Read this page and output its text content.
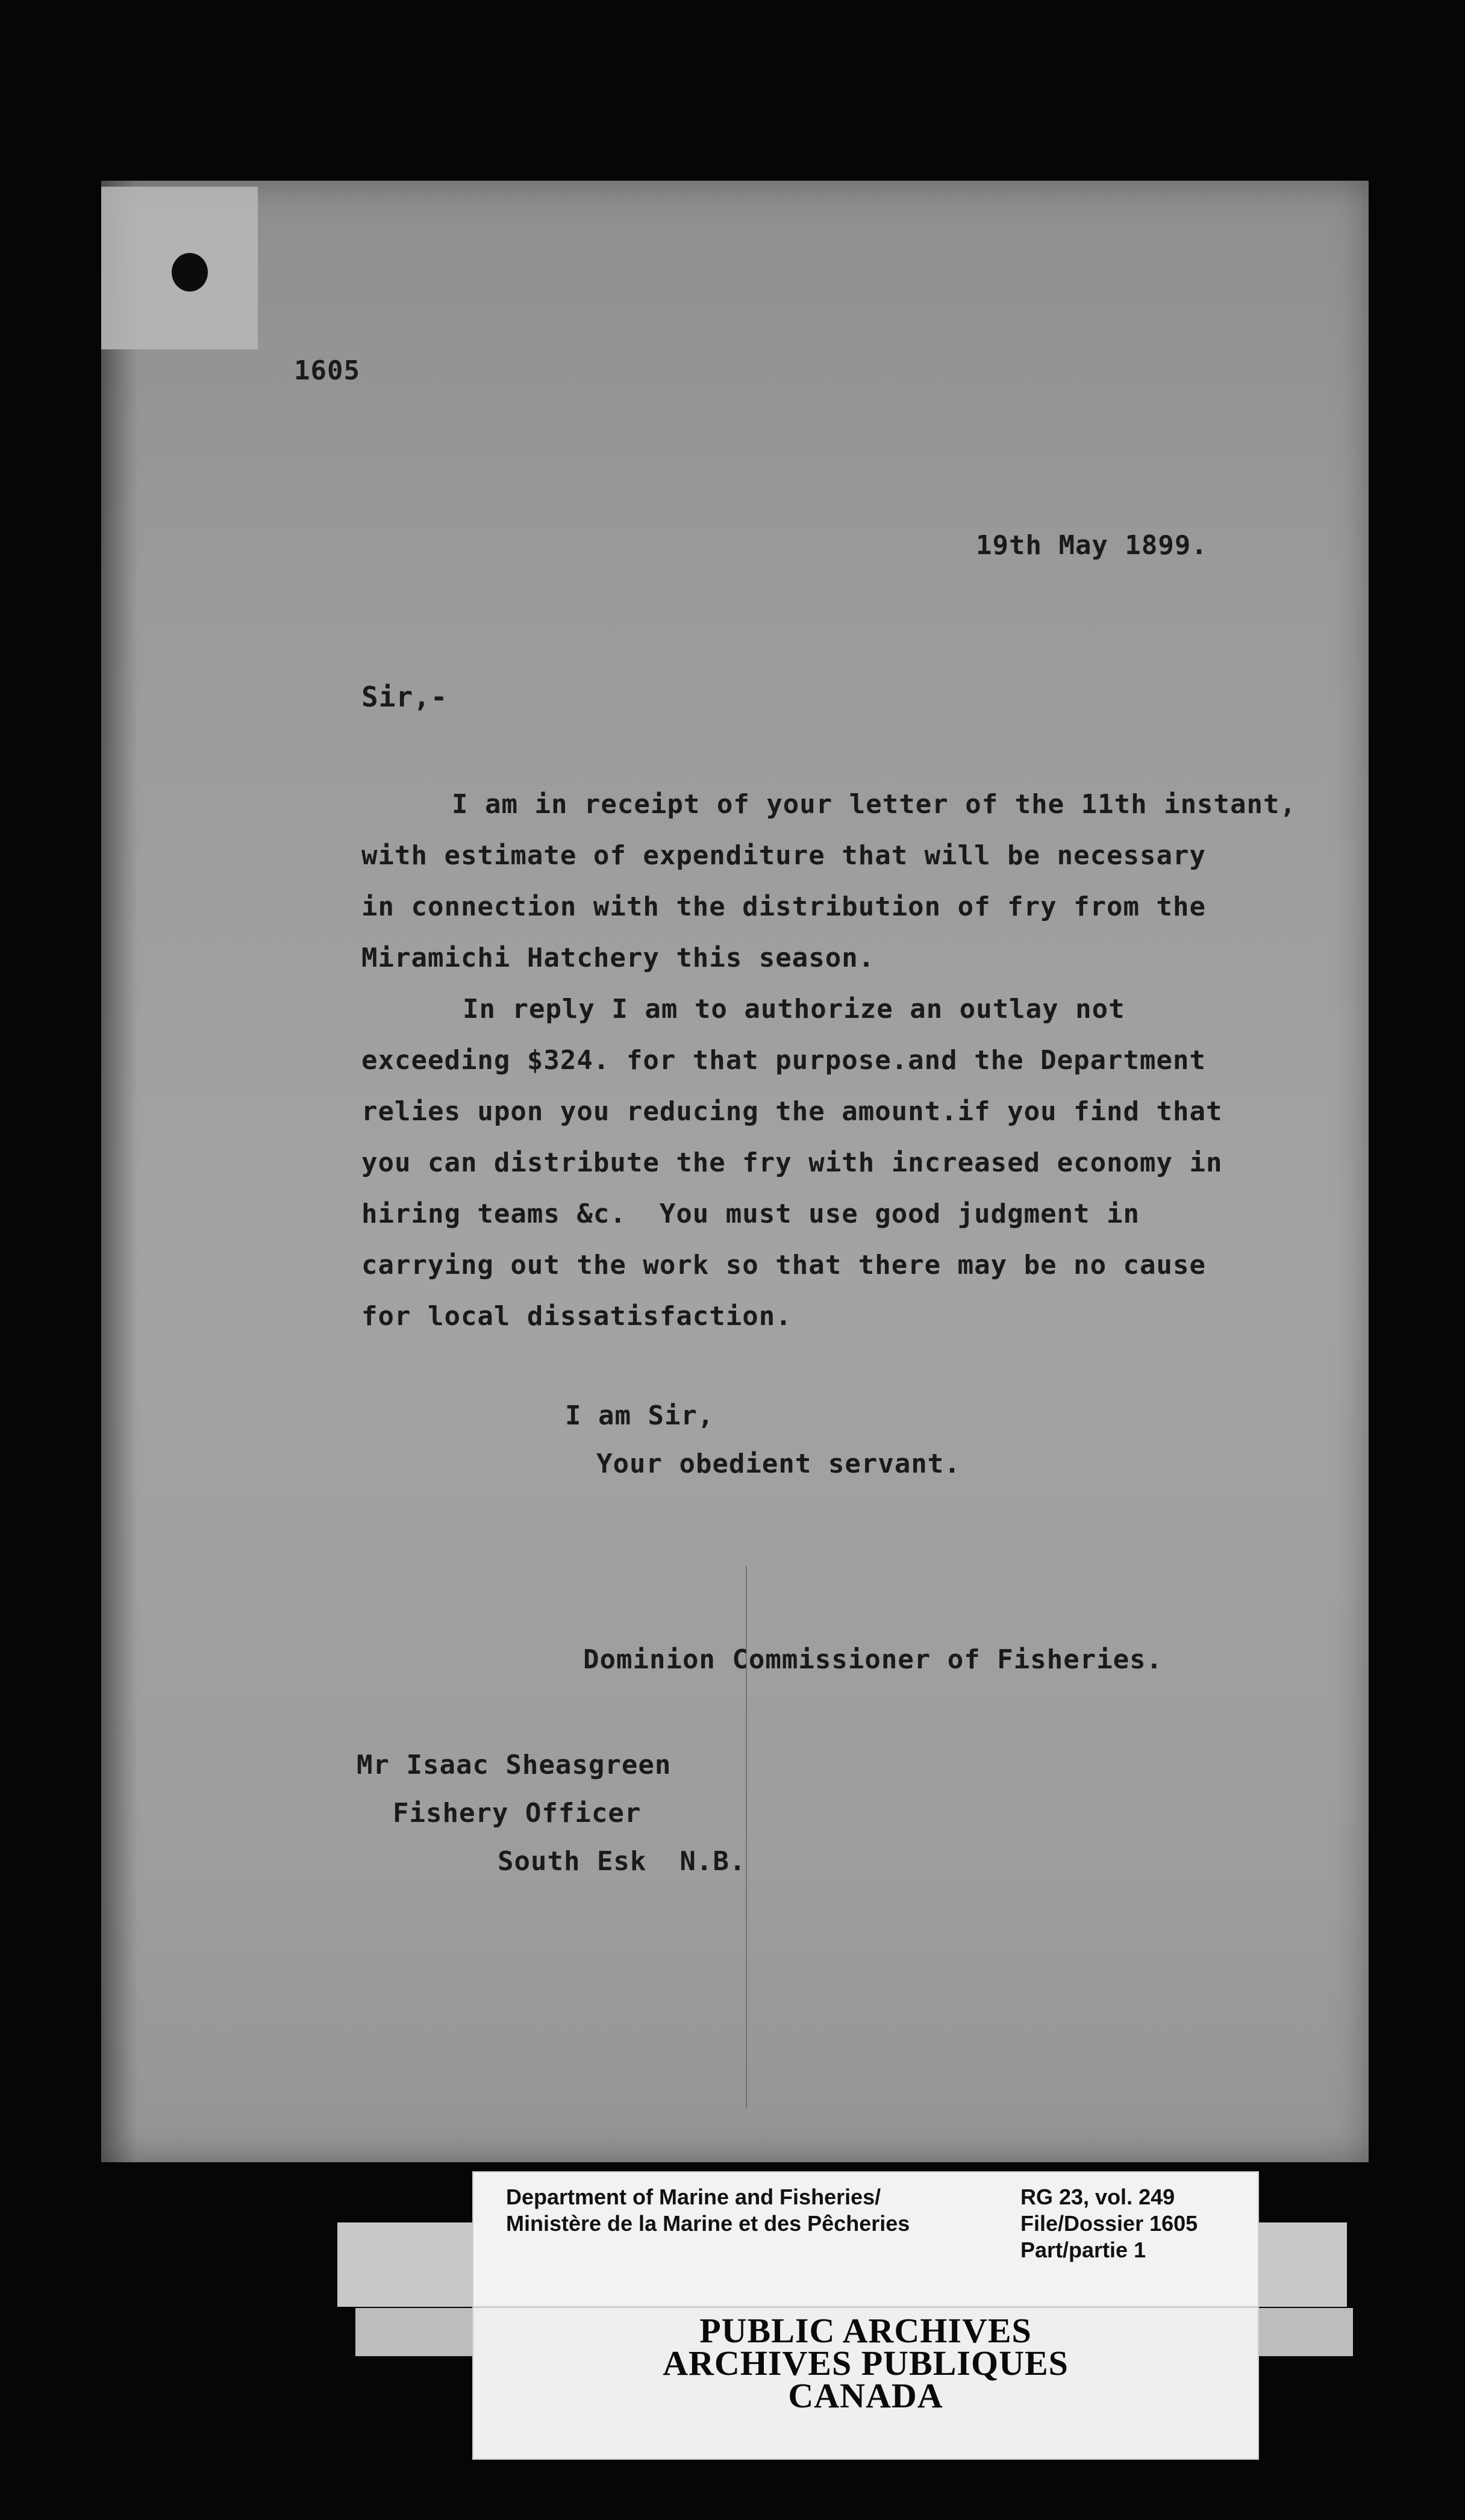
1605
19th May 1899.
Sir,-
I am in receipt of your letter of the 11th instant,
with estimate of expenditure that will be necessary
in connection with the distribution of fry from the
Miramichi Hatchery this season.
In reply I am to authorize an outlay not
exceeding $324. for that purpose.and the Department
relies upon you reducing the amount.if you find that
you can distribute the fry with increased economy in
hiring teams &c.  You must use good judgment in
carrying out the work so that there may be no cause
for local dissatisfaction.
I am Sir,
Your obedient servant.
Dominion Commissioner of Fisheries.
Mr Isaac Sheasgreen
Fishery Officer
South Esk  N.B.
Department of Marine and Fisheries/
Ministère de la Marine et des Pêcheries
RG 23, vol. 249
File/Dossier 1605
Part/partie 1
PUBLIC ARCHIVES
ARCHIVES PUBLIQUES
CANADA
